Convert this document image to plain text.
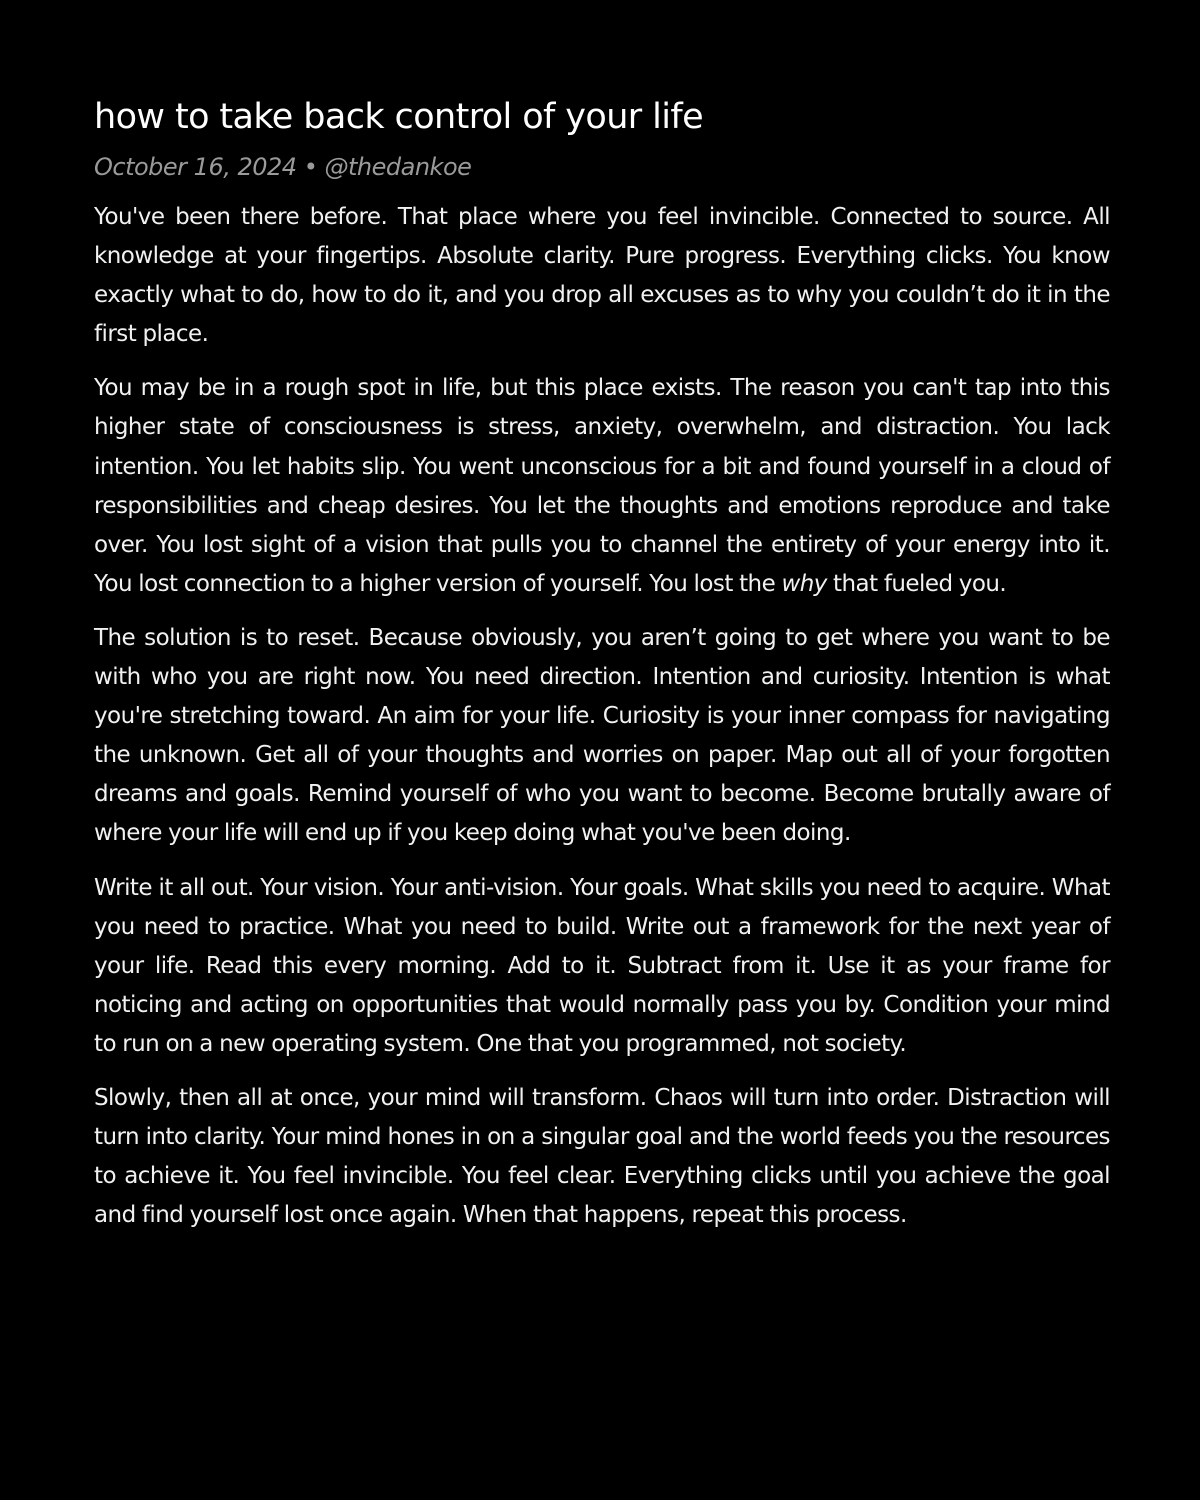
how to take back control of your life
October 16, 2024 • @thedankoe

You've been there before. That place where you feel invincible. Connected to source. All knowledge at your fingertips. Absolute clarity. Pure progress. Everything clicks. You know exactly what to do, how to do it, and you drop all excuses as to why you couldn’t do it in the first place.

You may be in a rough spot in life, but this place exists. The reason you can't tap into this higher state of consciousness is stress, anxiety, overwhelm, and distraction. You lack intention. You let habits slip. You went unconscious for a bit and found yourself in a cloud of responsibilities and cheap desires. You let the thoughts and emotions reproduce and take over. You lost sight of a vision that pulls you to channel the entirety of your energy into it. You lost connection to a higher version of yourself. You lost the why that fueled you.

The solution is to reset. Because obviously, you aren’t going to get where you want to be with who you are right now. You need direction. Intention and curiosity. Intention is what you're stretching toward. An aim for your life. Curiosity is your inner compass for navigating the unknown. Get all of your thoughts and worries on paper. Map out all of your forgotten dreams and goals. Remind yourself of who you want to become. Become brutally aware of where your life will end up if you keep doing what you've been doing.

Write it all out. Your vision. Your anti-vision. Your goals. What skills you need to acquire. What you need to practice. What you need to build. Write out a framework for the next year of your life. Read this every morning. Add to it. Subtract from it. Use it as your frame for noticing and acting on opportunities that would normally pass you by. Condition your mind to run on a new operating system. One that you programmed, not society.

Slowly, then all at once, your mind will transform. Chaos will turn into order. Distraction will turn into clarity. Your mind hones in on a singular goal and the world feeds you the resources to achieve it. You feel invincible. You feel clear. Everything clicks until you achieve the goal and find yourself lost once again. When that happens, repeat this process.
